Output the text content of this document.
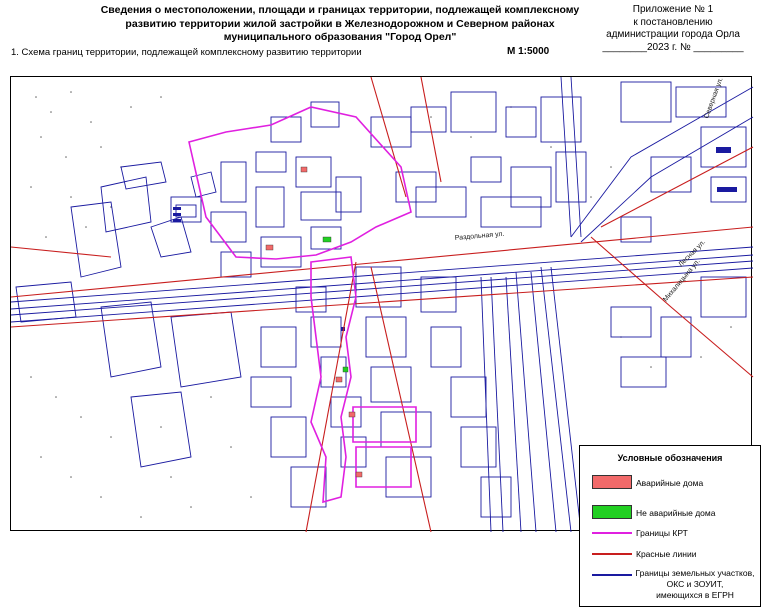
Сведения о местоположении, площади и границах территории, подлежащей комплексному развитию территории жилой застройки в Железнодорожном и Северном районах муниципального образования "Город Орел"
Приложение № 1
к постановлению
администрации города Орла
________2023 г. № _________
1. Схема границ территории, подлежащей комплексному развитию территории	М 1:5000
Раздольная ул.
Михалицына ул.
Северная ул.
Лесная ул.
Условные обозначения
Аварийные дома
Не аварийные дома
Границы КРТ
Красные линии
Границы земельных участков,
ОКС и ЗОУИТ,
имеющихся в ЕГРН
